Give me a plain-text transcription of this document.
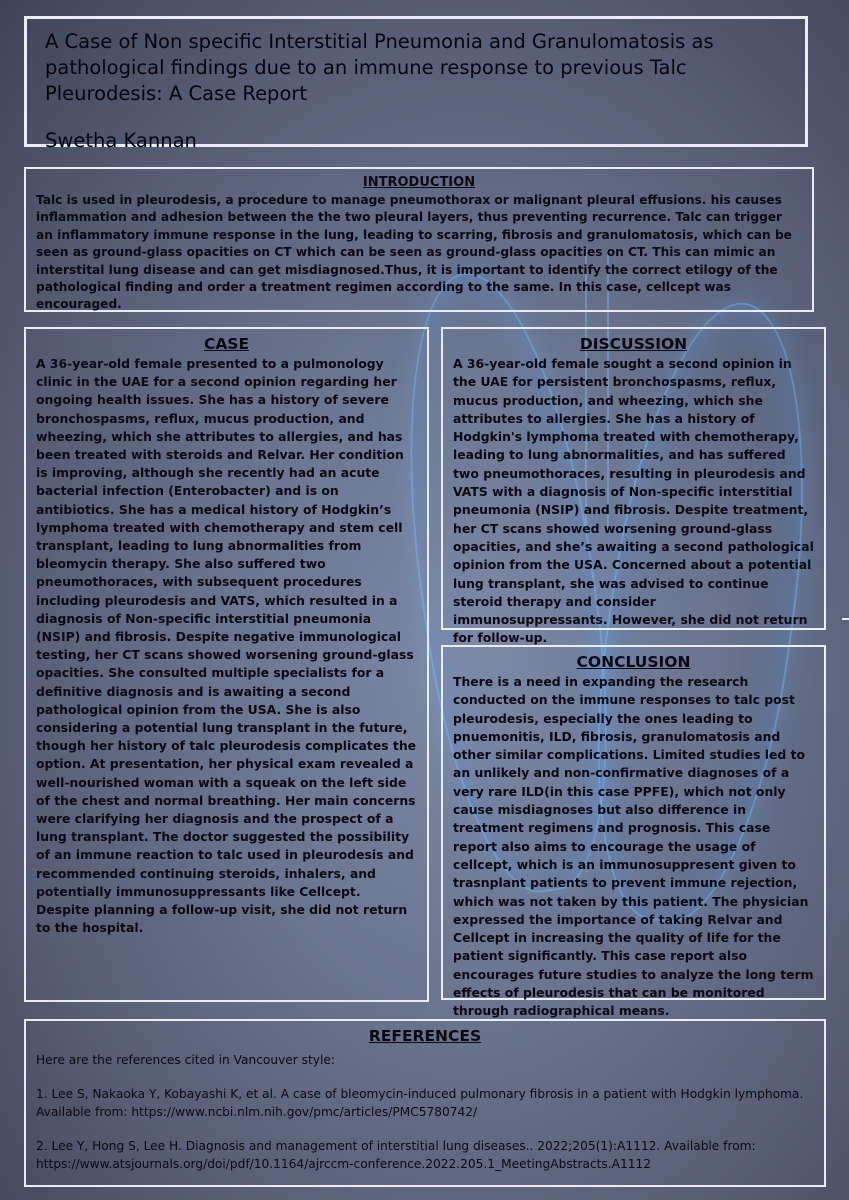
A Case of Non specific Interstitial Pneumonia and Granulomatosis as pathological findings due to an immune response to previous Talc Pleurodesis: A Case Report

Swetha Kannan
INTRODUCTION

Talc is used in pleurodesis, a procedure to manage pneumothorax or malignant pleural effusions. his causes inflammation and adhesion between the the two pleural layers, thus preventing recurrence. Talc can trigger an inflammatory immune response in the lung, leading to scarring, fibrosis and granulomatosis, which can be seen as ground-glass opacities on CT which can be seen as ground-glass opacities on CT. This can mimic an interstital lung disease and can get misdiagnosed.Thus, it is important to identify the correct etilogy of the pathological finding and order a treatment regimen according to the same. In this case, cellcept was encouraged.

CASE

A 36-year-old female presented to a pulmonology clinic in the UAE for a second opinion regarding her ongoing health issues. She has a history of severe bronchospasms, reflux, mucus production, and wheezing, which she attributes to allergies, and has been treated with steroids and Relvar. Her condition is improving, although she recently had an acute bacterial infection (Enterobacter) and is on antibiotics. She has a medical history of Hodgkin’s lymphoma treated with chemotherapy and stem cell transplant, leading to lung abnormalities from bleomycin therapy. She also suffered two pneumothoraces, with subsequent procedures including pleurodesis and VATS, which resulted in a diagnosis of Non-specific interstitial pneumonia (NSIP) and fibrosis. Despite negative immunological testing, her CT scans showed worsening ground-glass opacities. She consulted multiple specialists for a definitive diagnosis and is awaiting a second pathological opinion from the USA. She is also considering a potential lung transplant in the future, though her history of talc pleurodesis complicates the option. At presentation, her physical exam revealed a well-nourished woman with a squeak on the left side of the chest and normal breathing. Her main concerns were clarifying her diagnosis and the prospect of a lung transplant. The doctor suggested the possibility of an immune reaction to talc used in pleurodesis and recommended continuing steroids, inhalers, and potentially immunosuppressants like Cellcept. Despite planning a follow-up visit, she did not return to the hospital.

DISCUSSION

A 36-year-old female sought a second opinion in the UAE for persistent bronchospasms, reflux, mucus production, and wheezing, which she attributes to allergies. She has a history of Hodgkin's lymphoma treated with chemotherapy, leading to lung abnormalities, and has suffered two pneumothoraces, resulting in pleurodesis and VATS with a diagnosis of Non-specific interstitial pneumonia (NSIP) and fibrosis. Despite treatment, her CT scans showed worsening ground-glass opacities, and she’s awaiting a second pathological opinion from the USA. Concerned about a potential lung transplant, she was advised to continue steroid therapy and consider immunosuppressants. However, she did not return for follow-up.

CONCLUSION

There is a need in expanding the research conducted on the immune responses to talc post pleurodesis, especially the ones leading to pnuemonitis, ILD, fibrosis, granulomatosis and other similar complications. Limited studies led to an unlikely and non-confirmative diagnoses of a very rare ILD(in this case PPFE), which not only cause misdiagnoses but also difference in treatment regimens and prognosis. This case report also aims to encourage the usage of cellcept, which is an immunosuppresent given to trasnplant patients to prevent immune rejection, which was not taken by this patient. The physician expressed the importance of taking Relvar and Cellcept in increasing the quality of life for the patient significantly. This case report also encourages future studies to analyze the long term effects of pleurodesis that can be monitored through radiographical means.

REFERENCES

Here are the references cited in Vancouver style:

1. Lee S, Nakaoka Y, Kobayashi K, et al. A case of bleomycin-induced pulmonary fibrosis in a patient with Hodgkin lymphoma. Available from: https://www.ncbi.nlm.nih.gov/pmc/articles/PMC5780742/

2. Lee Y, Hong S, Lee H. Diagnosis and management of interstitial lung diseases.. 2022;205(1):A1112. Available from: https://www.atsjournals.org/doi/pdf/10.1164/ajrccm-conference.2022.205.1_MeetingAbstracts.A1112
